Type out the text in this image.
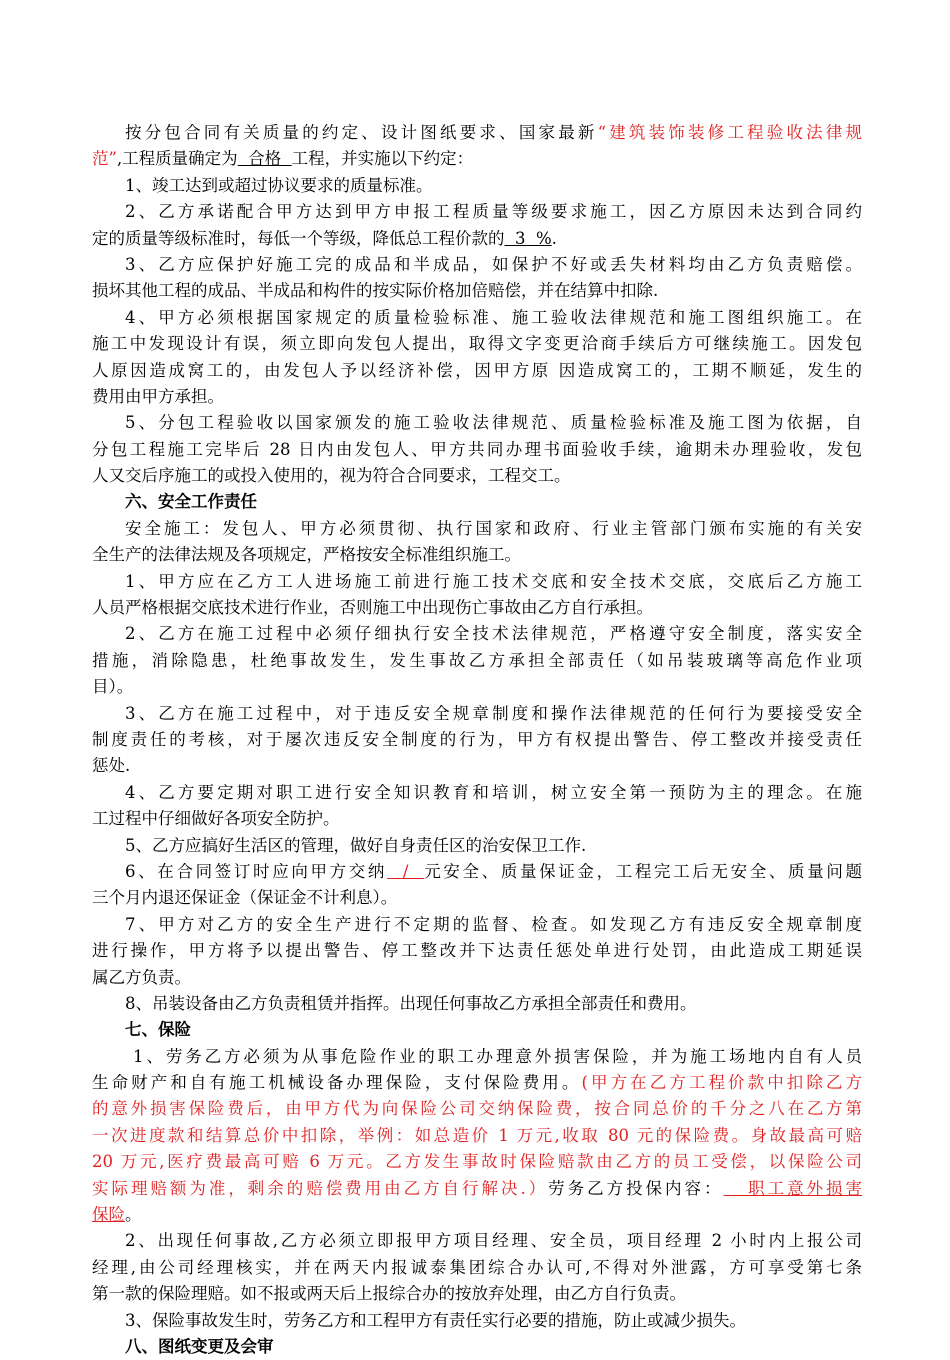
按分包合同有关质量的约定、设计图纸要求、国家最新“建筑装饰装修工程验收法律规
范”,工程质量确定为  合格  工程，并实施以下约定：
1、竣工达到或超过协议要求的质量标准。
2、乙方承诺配合甲方达到甲方申报工程质量等级要求施工，因乙方原因未达到合同约
定的质量等级标准时，每低一个等级，降低总工程价款的  3  %.
3、乙方应保护好施工完的成品和半成品，如保护不好或丢失材料均由乙方负责赔偿。
损坏其他工程的成品、半成品和构件的按实际价格加倍赔偿，并在结算中扣除.
4、甲方必须根据国家规定的质量检验标准、施工验收法律规范和施工图组织施工。在
施工中发现设计有误，须立即向发包人提出，取得文字变更洽商手续后方可继续施工。因发包
人原因造成窝工的，由发包人予以经济补偿，因甲方原 因造成窝工的，工期不顺延，发生的
费用由甲方承担。
5、分包工程验收以国家颁发的施工验收法律规范、质量检验标准及施工图为依据，自
分包工程施工完毕后 28 日内由发包人、甲方共同办理书面验收手续，逾期未办理验收，发包
人又交后序施工的或投入使用的，视为符合合同要求，工程交工。
六、安全工作责任
安全施工：发包人、甲方必须贯彻、执行国家和政府、行业主管部门颁布实施的有关安
全生产的法律法规及各项规定，严格按安全标准组织施工。
1、甲方应在乙方工人进场施工前进行施工技术交底和安全技术交底，交底后乙方施工
人员严格根据交底技术进行作业，否则施工中出现伤亡事故由乙方自行承担。
2、乙方在施工过程中必须仔细执行安全技术法律规范，严格遵守安全制度，落实安全
措施，消除隐患，杜绝事故发生，发生事故乙方承担全部责任（如吊装玻璃等高危作业项
目）。
3、乙方在施工过程中，对于违反安全规章制度和操作法律规范的任何行为要接受安全
制度责任的考核，对于屡次违反安全制度的行为，甲方有权提出警告、停工整改并接受责任
惩处.
4、乙方要定期对职工进行安全知识教育和培训，树立安全第一预防为主的理念。在施
工过程中仔细做好各项安全防护。
5、乙方应搞好生活区的管理，做好自身责任区的治安保卫工作.
6、在合同签订时应向甲方交纳  /  元安全、质量保证金，工程完工后无安全、质量问题
三个月内退还保证金（保证金不计利息）。
7、甲方对乙方的安全生产进行不定期的监督、检查。如发现乙方有违反安全规章制度
进行操作，甲方将予以提出警告、停工整改并下达责任惩处单进行处罚，由此造成工期延误
属乙方负责。
8、吊装设备由乙方负责租赁并指挥。出现任何事故乙方承担全部责任和费用。
七、保险
1、劳务乙方必须为从事危险作业的职工办理意外损害保险，并为施工场地内自有人员
生命财产和自有施工机械设备办理保险，支付保险费用。(甲方在乙方工程价款中扣除乙方
的意外损害保险费后，由甲方代为向保险公司交纳保险费，按合同总价的千分之八在乙方第
一次进度款和结算总价中扣除，举例：如总造价 1 万元,收取 80 元的保险费。身故最高可赔
20 万元,医疗费最高可赔 6 万元。乙方发生事故时保险赔款由乙方的员工受偿，以保险公司
实际理赔额为准，剩余的赔偿费用由乙方自行解决.）劳务乙方投保内容：   职工意外损害
保险。
2、出现任何事故,乙方必须立即报甲方项目经理、安全员，项目经理 2 小时内上报公司
经理,由公司经理核实，并在两天内报诚泰集团综合办认可,不得对外泄露，方可享受第七条
第一款的保险理赔。如不报或两天后上报综合办的按放弃处理，由乙方自行负责。
3、保险事故发生时，劳务乙方和工程甲方有责任实行必要的措施，防止或减少损失。
八、图纸变更及会审
